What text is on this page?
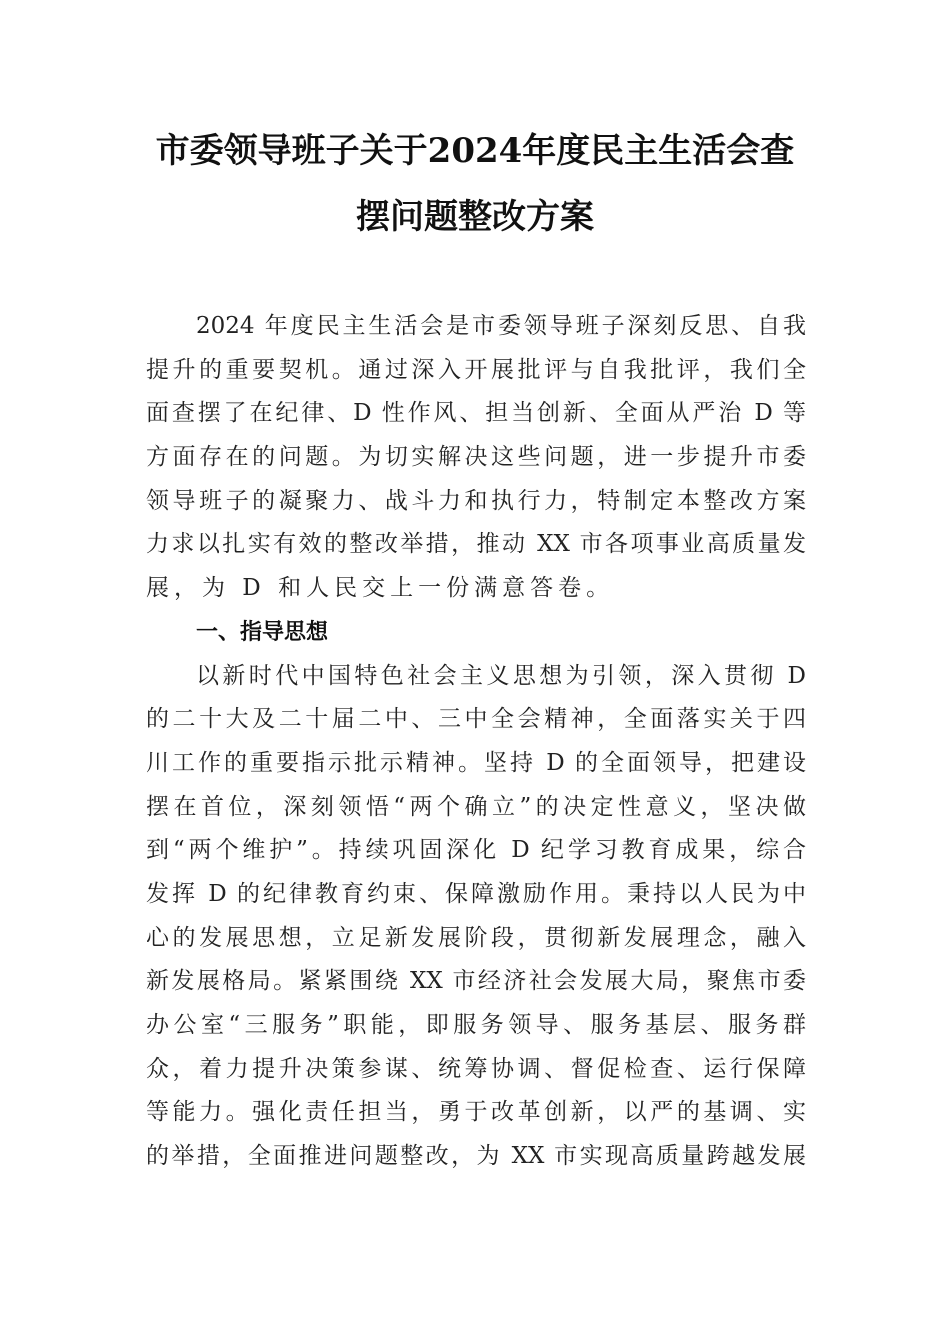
市委领导班子关于2024年度民主生活会查
摆问题整改方案
2024 年度民主生活会是市委领导班子深刻反思、自我
提升的重要契机。通过深入开展批评与自我批评，我们全
面查摆了在纪律、D 性作风、担当创新、全面从严治 D 等
方面存在的问题。为切实解决这些问题，进一步提升市委
领导班子的凝聚力、战斗力和执行力，特制定本整改方案
力求以扎实有效的整改举措，推动 XX 市各项事业高质量发
展，为 D 和人民交上一份满意答卷。
一、指导思想
以新时代中国特色社会主义思想为引领，深入贯彻 D
的二十大及二十届二中、三中全会精神，全面落实关于四
川工作的重要指示批示精神。坚持 D 的全面领导，把建设
摆在首位，深刻领悟“两个确立”的决定性意义，坚决做
到“两个维护”。持续巩固深化 D 纪学习教育成果，综合
发挥 D 的纪律教育约束、保障激励作用。秉持以人民为中
心的发展思想，立足新发展阶段，贯彻新发展理念，融入
新发展格局。紧紧围绕 XX 市经济社会发展大局，聚焦市委
办公室“三服务”职能，即服务领导、服务基层、服务群
众，着力提升决策参谋、统筹协调、督促检查、运行保障
等能力。强化责任担当，勇于改革创新，以严的基调、实
的举措，全面推进问题整改，为 XX 市实现高质量跨越发展
